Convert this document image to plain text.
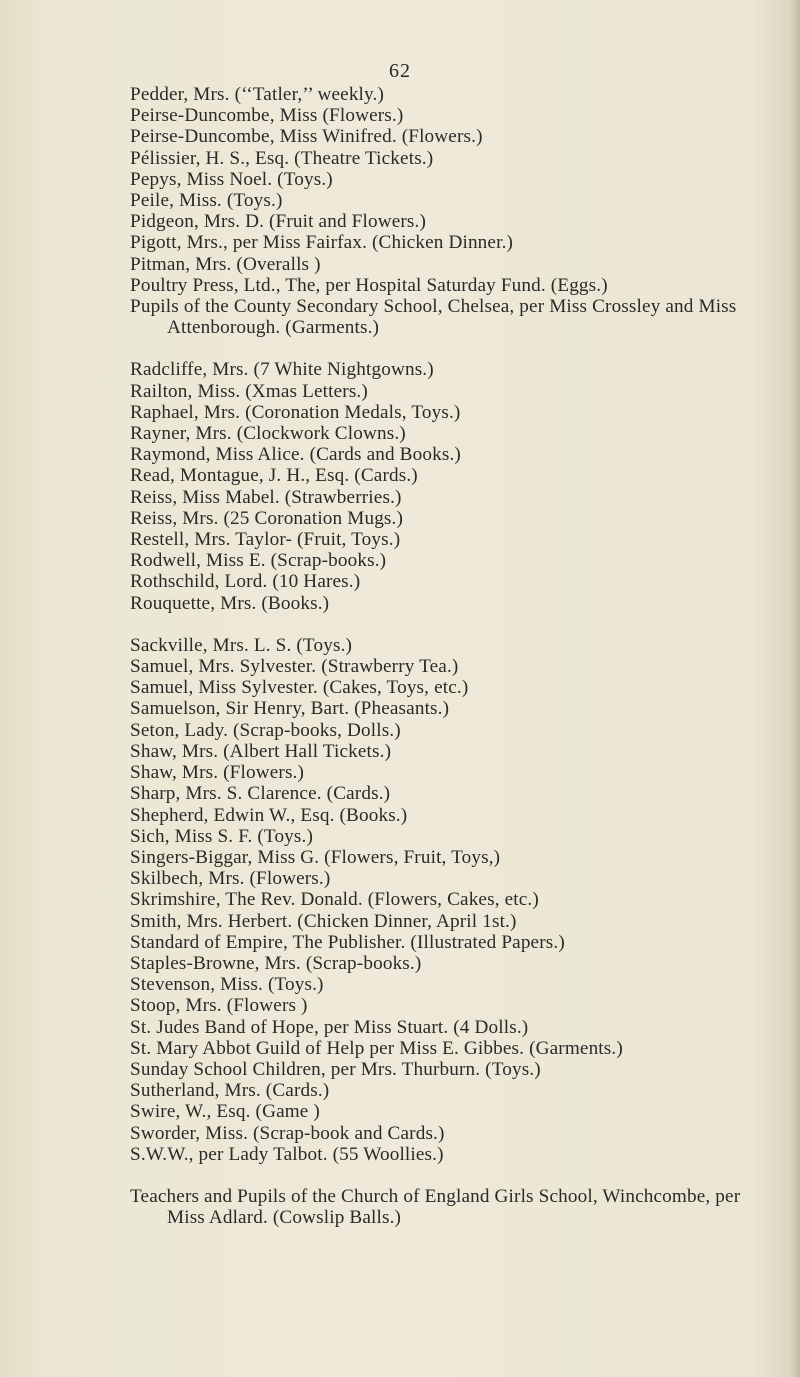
62

Pedder, Mrs. (‘‘Tatler,’’ weekly.)

Peirse-Duncombe, Miss (Flowers.)

Peirse-Duncombe, Miss Winifred. (Flowers.)

Pélissier, H. S., Esq. (Theatre Tickets.)

Pepys, Miss Noel. (Toys.)

Peile, Miss. (Toys.)

Pidgeon, Mrs. D. (Fruit and Flowers.)

Pigott, Mrs., per Miss Fairfax. (Chicken Dinner.)

Pitman, Mrs. (Overalls )

Poultry Press, Ltd., The, per Hospital Saturday Fund. (Eggs.)

Pupils of the County Secondary School, Chelsea, per Miss Crossley and Miss Attenborough. (Garments.)

Radcliffe, Mrs. (7 White Nightgowns.)

Railton, Miss. (Xmas Letters.)

Raphael, Mrs. (Coronation Medals, Toys.)

Rayner, Mrs. (Clockwork Clowns.)

Raymond, Miss Alice. (Cards and Books.)

Read, Montague, J. H., Esq. (Cards.)

Reiss, Miss Mabel. (Strawberries.)

Reiss, Mrs. (25 Coronation Mugs.)

Restell, Mrs. Taylor- (Fruit, Toys.)

Rodwell, Miss E. (Scrap-books.)

Rothschild, Lord. (10 Hares.)

Rouquette, Mrs. (Books.)

Sackville, Mrs. L. S. (Toys.)

Samuel, Mrs. Sylvester. (Strawberry Tea.)

Samuel, Miss Sylvester. (Cakes, Toys, etc.)

Samuelson, Sir Henry, Bart. (Pheasants.)

Seton, Lady. (Scrap-books, Dolls.)

Shaw, Mrs. (Albert Hall Tickets.)

Shaw, Mrs. (Flowers.)

Sharp, Mrs. S. Clarence. (Cards.)

Shepherd, Edwin W., Esq. (Books.)

Sich, Miss S. F. (Toys.)

Singers-Biggar, Miss G. (Flowers, Fruit, Toys,)

Skilbech, Mrs. (Flowers.)

Skrimshire, The Rev. Donald. (Flowers, Cakes, etc.)

Smith, Mrs. Herbert. (Chicken Dinner, April 1st.)

Standard of Empire, The Publisher. (Illustrated Papers.)

Staples-Browne, Mrs. (Scrap-books.)

Stevenson, Miss. (Toys.)

Stoop, Mrs. (Flowers )

St. Judes Band of Hope, per Miss Stuart. (4 Dolls.)

St. Mary Abbot Guild of Help per Miss E. Gibbes. (Garments.)

Sunday School Children, per Mrs. Thurburn. (Toys.)

Sutherland, Mrs. (Cards.)

Swire, W., Esq. (Game )

Sworder, Miss. (Scrap-book and Cards.)

S.W.W., per Lady Talbot. (55 Woollies.)

Teachers and Pupils of the Church of England Girls School, Winchcombe, per Miss Adlard. (Cowslip Balls.)
